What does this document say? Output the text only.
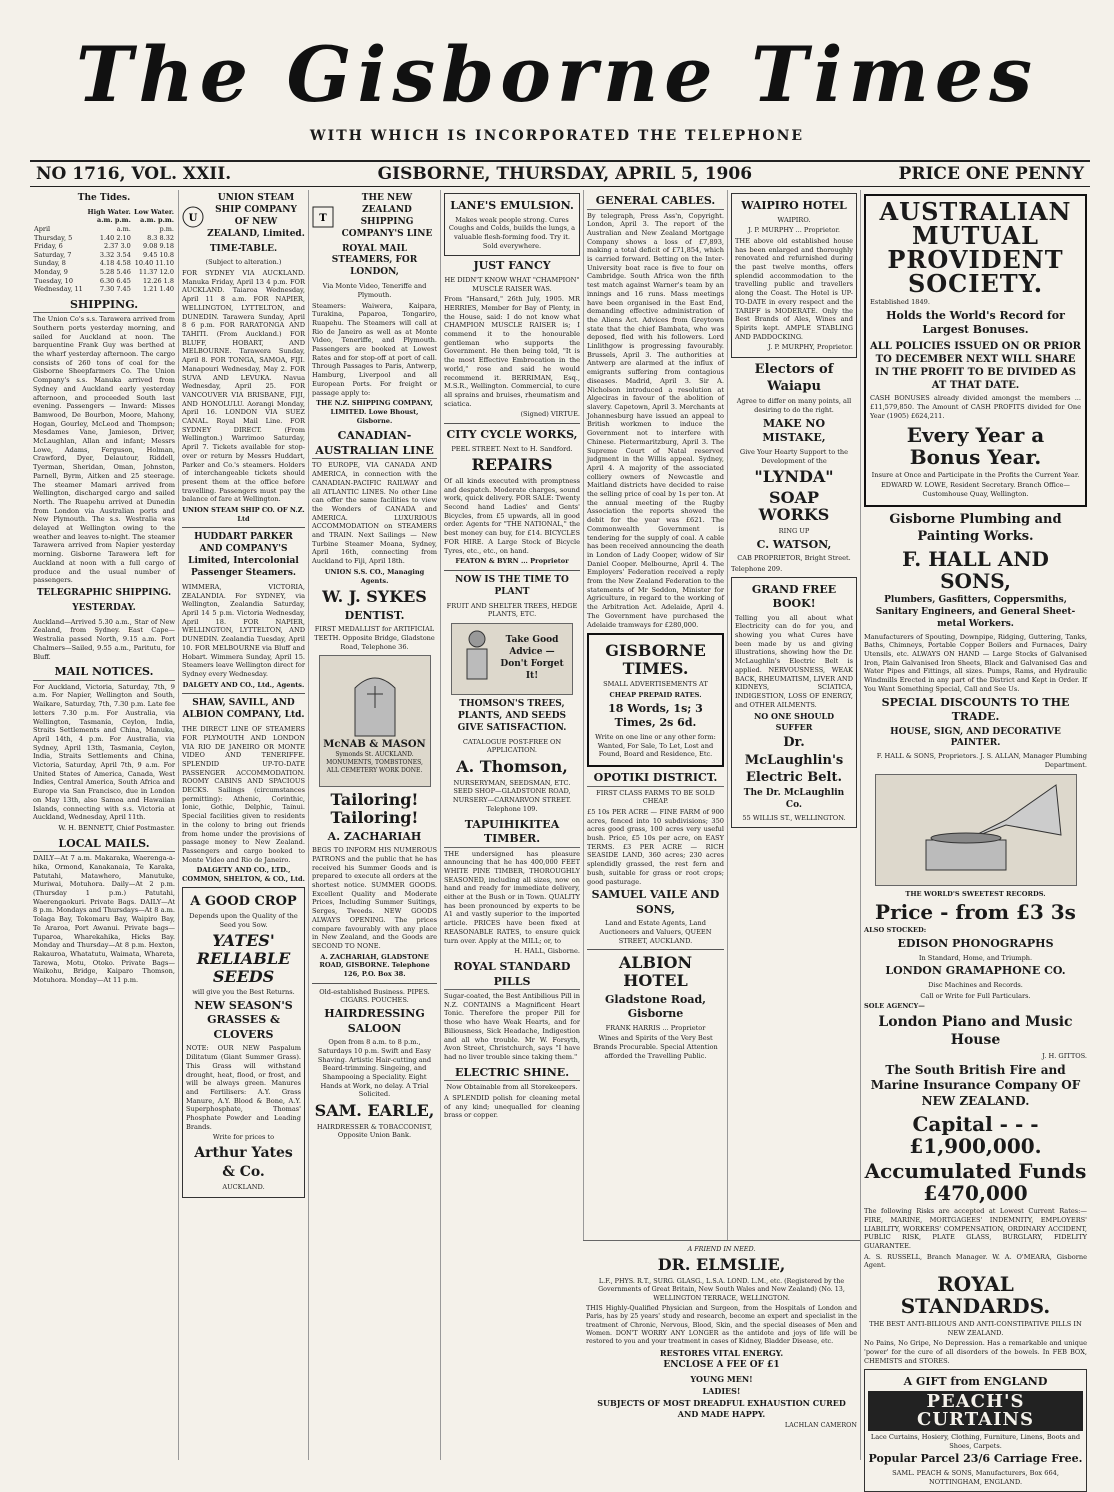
The Gisborne Times
WITH WHICH IS INCORPORATED THE TELEPHONE
NO 1716, VOL. XXII.	GISBORNE, THURSDAY, APRIL 5, 1906	PRICE ONE PENNY
The Tides.
	High Water.	Low Water.
	a.m. p.m.	a.m. p.m.
April	a.m.	p.m.
Thursday, 5	1.40 2.10	8.3 8.32
Friday, 6	2.37 3.0	9.08 9.18
Saturday, 7	3.32 3.54	9.45 10.8
Sunday, 8	4.18 4.58	10.40 11.10
Monday, 9	5.28 5.46	11.37 12.0
Tuesday, 10	6.30 6.45	12.26 1.8
Wednesday, 11	7.30 7.45	1.21 1.40
SHIPPING.
The Union Co's s.s. Tarawera arrived from Southern ports yesterday morning, and sailed for Auckland at noon. The barquentine Frank Guy was berthed at the wharf yesterday afternoon. The cargo consists of 260 tons of coal for the Gisborne Sheepfarmers Co. The Union Company's s.s. Manuka arrived from Sydney and Auckland early yesterday afternoon, and proceeded South last evening. Passengers — Inward: Misses Bamwood, De Bourbon, Moore, Mahony, Hogan, Gourley, McLeod and Thompson; Mesdames Vane, Jamieson, Driver, McLaughlan, Allan and infant; Messrs Lowe, Adams, Ferguson, Holman, Crawford, Dyer, Delautour, Riddell, Tyerman, Sheridan, Oman, Johnston, Parnell, Byrm, Aitken and 25 steerage. The steamer Mamari arrived from Wellington, discharged cargo and sailed North. The Ruapehu arrived at Dunedin from London via Australian ports and New Plymouth. The s.s. Westralia was delayed at Wellington owing to the weather and leaves to-night. The steamer Tarawera arrived from Napier yesterday morning. Gisborne Tarawera left for Auckland at noon with a full cargo of produce and the usual number of passengers.
TELEGRAPHIC SHIPPING.
YESTERDAY.
Auckland—Arrived 5.30 a.m., Star of New Zealand, from Sydney. East Cape—Westralia passed North, 9.15 a.m. Port Chalmers—Sailed, 9.55 a.m., Paritutu, for Bluff.
MAIL NOTICES.
For Auckland, Victoria, Saturday, 7th, 9 a.m. For Napier, Wellington and South, Waikare, Saturday, 7th, 7.30 p.m. Late fee letters 7.30 p.m. For Australia, via Wellington, Tasmania, Ceylon, India, Straits Settlements and China, Manuka, April 14th, 4 p.m. For Australia, via Sydney, April 13th, Tasmania, Ceylon, India, Straits Settlements and China, Victoria, Saturday, April 7th, 9 a.m. For United States of America, Canada, West Indies, Central America, South Africa and Europe via San Francisco, due in London on May 13th, also Samoa and Hawaiian Islands, connecting with s.s. Victoria at Auckland, Wednesday, April 11th.
W. H. BENNETT, Chief Postmaster.
LOCAL MAILS.
DAILY—At 7 a.m. Makaraka, Waerenga-a-hika, Ormond, Kanakanaia, Te Karaka, Patutahi, Matawhero, Manutuke, Muriwai, Motuhora. Daily—At 2 p.m. (Thursday 1 p.m.) Patutahi, Waerengaokuri. Private Bags. DAILY—At 8 p.m. Mondays and Thursdays—At 8 a.m. Tolaga Bay, Tokomaru Bay, Waipiro Bay, Te Araroa, Port Awanui. Private bags—Tuparoa, Wharekahika, Hicks Bay. Monday and Thursday—At 8 p.m. Hexton, Rakauroa, Whatatutu, Waimata, Whareta, Tarewa, Motu, Otoko. Private Bags—Waikohu, Bridge, Kaiparo Thomson, Motuhora. Monday—At 11 p.m.
U
UNION STEAM SHIP COMPANY OF NEW ZEALAND, Limited.
TIME-TABLE.
(Subject to alteration.)
FOR SYDNEY VIA AUCKLAND. Manuka Friday, April 13 4 p.m. FOR AUCKLAND. Taiaroa Wednesday, April 11 8 a.m. FOR NAPIER, WELLINGTON, LYTTELTON, and DUNEDIN. Tarawera Sunday, April 8 6 p.m. FOR RARATONGA AND TAHITI. (From Auckland.) FOR BLUFF, HOBART, AND MELBOURNE. Tarawera Sunday, April 8. FOR TONGA, SAMOA, FIJI. Manapouri Wednesday, May 2. FOR SUVA AND LEVUKA. Navua Wednesday, April 25. FOR VANCOUVER VIA BRISBANE, FIJI, AND HONOLULU. Aorangi Monday, April 16. LONDON VIA SUEZ CANAL. Royal Mail Line. FOR SYDNEY DIRECT. (From Wellington.) Warrimoo Saturday, April 7. Tickets available for stop-over or return by Messrs Huddart, Parker and Co.'s steamers. Holders of interchangeable tickets should present them at the office before travelling. Passengers must pay the balance of fare at Wellington.
UNION STEAM SHIP CO. OF N.Z. Ltd
HUDDART PARKER AND COMPANY'S Limited, Intercolonial Passenger Steamers.
WIMMERA, VICTORIA, ZEALANDIA. For SYDNEY, via Wellington, Zealandia Saturday, April 14 5 p.m. Victoria Wednesday, April 18. FOR NAPIER, WELLINGTON, LYTTELTON, AND DUNEDIN. Zealandia Tuesday, April 10. FOR MELBOURNE via Bluff and Hobart. Wimmera Sunday, April 15. Steamers leave Wellington direct for Sydney every Wednesday.
DALGETY AND CO., Ltd., Agents.
SHAW, SAVILL, AND ALBION COMPANY, Ltd.
THE DIRECT LINE OF STEAMERS FOR PLYMOUTH AND LONDON VIA RIO DE JANEIRO OR MONTE VIDEO AND TENERIFFE. SPLENDID UP-TO-DATE PASSENGER ACCOMMODATION. ROOMY CABINS AND SPACIOUS DECKS. Sailings (circumstances permitting): Athenic, Corinthic, Ionic, Gothic, Delphic, Tainui. Special facilities given to residents in the colony to bring out friends from home under the provisions of passage money to New Zealand. Passengers and cargo booked to Monte Video and Rio de Janeiro.
DALGETY AND CO., LTD., COMMON, SHELTON, & CO., Ltd.
A GOOD CROP
Depends upon the Quality of the Seed you Sow.
YATES' RELIABLE SEEDS
will give you the Best Returns.
NEW SEASON'S GRASSES & CLOVERS
NOTE: OUR NEW Paspalum Dilitatum (Giant Summer Grass). This Grass will withstand drought, heat, flood, or frost, and will be always green. Manures and Fertilisers: A.Y. Grass Manure, A.Y. Blood & Bone, A.Y. Superphosphate, Thomas' Phosphate Powder and Leading Brands.
Write for prices to
Arthur Yates & Co.
AUCKLAND.
T
THE NEW ZEALAND SHIPPING COMPANY'S LINE
ROYAL MAIL STEAMERS, FOR LONDON,
Via Monte Video, Teneriffe and Plymouth.
Steamers: Waiwera, Kaipara, Turakina, Paparoa, Tongariro, Ruapehu. The Steamers will call at Rio de Janeiro as well as at Monte Video, Teneriffe, and Plymouth. Passengers are booked at Lowest Rates and for stop-off at port of call. Through Passages to Paris, Antwerp, Hamburg, Liverpool and all European Ports. For freight or passage apply to:
THE N.Z. SHIPPING COMPANY, LIMITED. Lowe Bhoust, Gisborne.
CANADIAN-AUSTRALIAN LINE
TO EUROPE, VIA CANADA AND AMERICA, in connection with the CANADIAN-PACIFIC RAILWAY and all ATLANTIC LINES. No other Line can offer the same facilities to view the Wonders of CANADA and AMERICA. LUXURIOUS ACCOMMODATION on STEAMERS and TRAIN. Next Sailings — New Turbine Steamer Moana, Sydney, April 16th, connecting from Auckland to Fiji, April 18th.
UNION S.S. CO., Managing Agents.
W. J. SYKES
DENTIST.
FIRST MEDALLIST for ARTIFICIAL TEETH. Opposite Bridge, Gladstone Road, Telephone 36.
McNAB & MASON
Symonds St. AUCKLAND. MONUMENTS, TOMBSTONES, ALL CEMETERY WORK DONE.
Tailoring! Tailoring!
A. ZACHARIAH
BEGS TO INFORM HIS NUMEROUS PATRONS and the public that he has received his Summer Goods and is prepared to execute all orders at the shortest notice. SUMMER GOODS. Excellent Quality and Moderate Prices, Including Summer Suitings, Serges, Tweeds. NEW GOODS ALWAYS OPENING. The prices compare favourably with any place in New Zealand, and the Goods are SECOND TO NONE.
A. ZACHARIAH, GLADSTONE ROAD, GISBORNE. Telephone 126, P.O. Box 38.
Old-established Business. PIPES. CIGARS. POUCHES.
HAIRDRESSING SALOON
Open from 8 a.m. to 8 p.m., Saturdays 10 p.m. Swift and Easy Shaving. Artistic Hair-cutting and Beard-trimming. Singeing, and Shampooing a Speciality. Eight Hands at Work, no delay. A Trial Solicited.
SAM. EARLE,
HAIRDRESSER & TOBACCONIST, Opposite Union Bank.
LANE'S EMULSION.
Makes weak people strong. Cures Coughs and Colds, builds the lungs, a valuable flesh-forming food. Try it. Sold everywhere.
JUST FANCY
HE DIDN'T KNOW WHAT "CHAMPION" MUSCLE RAISER WAS.
From "Hansard," 26th July, 1905. MR HERRIES, Member for Bay of Plenty, in the House, said: I do not know what CHAMPION MUSCLE RAISER is; I commend it to the honourable gentleman who supports the Government. He then being told, "It is the most Effective Embrocation in the world," rose and said he would recommend it. BERRIMAN, Esq., M.S.R., Wellington. Commercial, to cure all sprains and bruises, rheumatism and sciatica.
(Signed) VIRTUE.
CITY CYCLE WORKS,
PEEL STREET. Next to H. Sandford.
REPAIRS
Of all kinds executed with promptness and despatch. Moderate charges, sound work, quick delivery. FOR SALE: Twenty Second hand Ladies' and Gents' Bicycles, from £5 upwards, all in good order. Agents for "THE NATIONAL," the best money can buy, for £14. BICYCLES FOR HIRE. A Large Stock of Bicycle Tyres, etc., etc., on hand.
FEATON & BYRN ... Proprietor
NOW IS THE TIME TO PLANT
FRUIT AND SHELTER TREES, HEDGE PLANTS, ETC.
Take Good Advice — Don't Forget It!
THOMSON'S TREES, PLANTS, AND SEEDS GIVE SATISFACTION.
CATALOGUE POST-FREE ON APPLICATION.
A. Thomson,
NURSERYMAN, SEEDSMAN, ETC. SEED SHOP—GLADSTONE ROAD, NURSERY—CARNARVON STREET. Telephone 109.
TAPUIHIKITEA TIMBER.
THE undersigned has pleasure announcing that he has 400,000 FEET WHITE PINE TIMBER, THOROUGHLY SEASONED, including all sizes, now on hand and ready for immediate delivery, either at the Bush or in Town. QUALITY has been pronounced by experts to be A1 and vastly superior to the imported article. PRICES have been fixed at REASONABLE RATES, to ensure quick turn over. Apply at the MILL; or, to
H. HALL, Gisborne.
ROYAL STANDARD PILLS
Sugar-coated, the Best Antibilious Pill in N.Z. CONTAINS a Magnificent Heart Tonic. Therefore the proper Pill for those who have Weak Hearts, and for Biliousness, Sick Headache, Indigestion and all who trouble. Mr W. Forsyth, Avon Street, Christchurch, says "I have had no liver trouble since taking them."
ELECTRIC SHINE.
Now Obtainable from all Storekeepers.
A SPLENDID polish for cleaning metal of any kind; unequalled for cleaning brass or copper.
GENERAL CABLES.
By telegraph, Press Ass'n, Copyright. London, April 3. The report of the Australian and New Zealand Mortgage Company shows a loss of £7,893, making a total deficit of £71,854, which is carried forward. Betting on the Inter-University boat race is five to four on Cambridge. South Africa won the fifth test match against Warner's team by an innings and 16 runs. Mass meetings have been organised in the East End, demanding effective administration of the Aliens Act. Advices from Greytown state that the chief Bambata, who was deposed, fled with his followers. Lord Linlithgow is progressing favourably. Brussels, April 3. The authorities at Antwerp are alarmed at the influx of emigrants suffering from contagious diseases. Madrid, April 3. Sir A. Nicholson introduced a resolution at Algeciras in favour of the abolition of slavery. Capetown, April 3. Merchants at Johannesburg have issued an appeal to British workmen to induce the Government not to interfere with Chinese. Pietermaritzburg, April 3. The Supreme Court of Natal reserved judgment in the Willis appeal. Sydney, April 4. A majority of the associated colliery owners of Newcastle and Maitland districts have decided to raise the selling price of coal by 1s per ton. At the annual meeting of the Rugby Association the reports showed the debit for the year was £621. The Commonwealth Government is tendering for the supply of coal. A cable has been received announcing the death in London of Lady Cooper, widow of Sir Daniel Cooper. Melbourne, April 4. The Employers' Federation received a reply from the New Zealand Federation to the statements of Mr Seddon, Minister for Agriculture, in regard to the working of the Arbitration Act. Adelaide, April 4. The Government have purchased the Adelaide tramways for £280,000.
GISBORNE TIMES.
SMALL ADVERTISEMENTS AT
CHEAP PREPAID RATES.
18 Words, 1s; 3 Times, 2s 6d.
Write on one line or any other form: Wanted, For Sale, To Let, Lost and Found, Board and Residence, Etc.
OPOTIKI DISTRICT.
FIRST CLASS FARMS TO BE SOLD CHEAP.
£5 10s PER ACRE — FINE FARM of 900 acres, fenced into 10 subdivisions; 350 acres good grass, 100 acres very useful bush. Price, £5 10s per acre, on EASY TERMS. £3 PER ACRE — RICH SEASIDE LAND, 360 acres; 230 acres splendidly grassed, the rest fern and bush, suitable for grass or root crops; good pasturage.
SAMUEL VAILE AND SONS,
Land and Estate Agents, Land Auctioneers and Valuers, QUEEN STREET, AUCKLAND.
ALBION HOTEL
Gladstone Road, Gisborne
FRANK HARRIS ... Proprietor
Wines and Spirits of the Very Best Brands Procurable. Special Attention afforded the Travelling Public.
WAIPIRO HOTEL
WAIPIRO.
J. P. MURPHY ... Proprietor.
THE above old established house has been enlarged and thoroughly renovated and refurnished during the past twelve months, offers splendid accommodation to the travelling public and travellers along the Coast. The Hotel is UP-TO-DATE in every respect and the TARIFF is MODERATE. Only the Best Brands of Ales, Wines and Spirits kept. AMPLE STABLING AND PADDOCKING.
J. P. MURPHY, Proprietor.
Electors of Waiapu
Agree to differ on many points, all desiring to do the right.
MAKE NO MISTAKE,
Give Your Hearty Support to the Development of the
"LYNDA"
SOAP WORKS
RING UP
C. WATSON,
CAB PROPRIETOR, Bright Street.
Telephone 209.
GRAND FREE BOOK!
Telling you all about what Electricity can do for you, and showing you what Cures have been made by us and giving illustrations, showing how the Dr. McLaughlin's Electric Belt is applied. NERVOUSNESS, WEAK BACK, RHEUMATISM, LIVER AND KIDNEYS, SCIATICA, INDIGESTION, LOSS OF ENERGY, and OTHER AILMENTS.
NO ONE SHOULD SUFFER
Dr. McLaughlin's Electric Belt.
The Dr. McLaughlin Co.
55 WILLIS ST., WELLINGTON.
AUSTRALIAN MUTUAL PROVIDENT SOCIETY.
Established 1849.
Holds the World's Record for Largest Bonuses.
ALL POLICIES ISSUED ON OR PRIOR TO DECEMBER NEXT WILL SHARE IN THE PROFIT TO BE DIVIDED AS AT THAT DATE.
CASH BONUSES already divided amongst the members ... £11,579,850. The Amount of CASH PROFITS divided for One Year (1905) £624,211.
Every Year a Bonus Year.
Insure at Once and Participate in the Profits the Current Year.
EDWARD W. LOWE, Resident Secretary. Branch Office—Customhouse Quay, Wellington.
Gisborne Plumbing and Painting Works.
F. HALL AND SONS,
Plumbers, Gasfitters, Coppersmiths, Sanitary Engineers, and General Sheet-metal Workers.
Manufacturers of Spouting, Downpipe, Ridging, Guttering, Tanks, Baths, Chimneys, Portable Copper Boilers and Furnaces, Dairy Utensils, etc. ALWAYS ON HAND — Large Stocks of Galvanised Iron, Plain Galvanised Iron Sheets, Black and Galvanised Gas and Water Pipes and Fittings, all sizes. Pumps, Rams, and Hydraulic Windmills Erected in any part of the District and Kept in Order. If You Want Something Special, Call and See Us.
SPECIAL DISCOUNTS TO THE TRADE.
HOUSE, SIGN, AND DECORATIVE PAINTER.
F. HALL & SONS, Proprietors. J. S. ALLAN, Manager Plumbing Department.
THE WORLD'S SWEETEST RECORDS.
Price - from £3 3s
ALSO STOCKED:
EDISON PHONOGRAPHS
In Standard, Home, and Triumph.
LONDON GRAMAPHONE CO.
Disc Machines and Records.
Call or Write for Full Particulars.
SOLE AGENCY—
London Piano and Music House
J. H. GITTOS.
The South British Fire and Marine Insurance Company OF NEW ZEALAND.
Capital - - - £1,900,000.
Accumulated Funds £470,000
The following Risks are accepted at Lowest Current Rates:— FIRE, MARINE, MORTGAGEES' INDEMNITY, EMPLOYERS' LIABILITY, WORKERS' COMPENSATION, ORDINARY ACCIDENT, PUBLIC RISK, PLATE GLASS, BURGLARY, FIDELITY GUARANTEE.
A. S. RUSSELL, Branch Manager. W. A. O'MEARA, Gisborne Agent.
ROYAL STANDARDS.
THE BEST ANTI-BILIOUS AND ANTI-CONSTIPATIVE PILLS IN NEW ZEALAND.
No Pains, No Gripe, No Depression. Has a remarkable and unique 'power' for the cure of all disorders of the bowels. In FEB BOX, CHEMISTS and STORES.
A GIFT from ENGLAND
PEACH'S CURTAINS
Lace Curtains, Hosiery, Clothing, Furniture, Linens, Boots and Shoes, Carpets.
Popular Parcel 23/6 Carriage Free.
SAML. PEACH & SONS, Manufacturers, Box 664, NOTTINGHAM, ENGLAND.
A FRIEND IN NEED.
DR. ELMSLIE,
L.F., PHYS. R.T., SURG. GLASG., L.S.A. LOND. L.M., etc. (Registered by the Governments of Great Britain, New South Wales and New Zealand) (No. 13, WELLINGTON TERRACE, WELLINGTON.
THIS Highly-Qualified Physician and Surgeon, from the Hospitals of London and Paris, has by 25 years' study and research, become an expert and specialist in the treatment of Chronic, Nervous, Blood, Skin, and the special diseases of Men and Women. DON'T WORRY ANY LONGER as the antidote and joys of life will be restored to you and your treatment in cases of Kidney, Bladder Disease, etc.
RESTORES VITAL ENERGY.
ENCLOSE A FEE OF £1
YOUNG MEN!
LADIES!
SUBJECTS OF MOST DREADFUL EXHAUSTION CURED AND MADE HAPPY.
LACHLAN CAMERON
